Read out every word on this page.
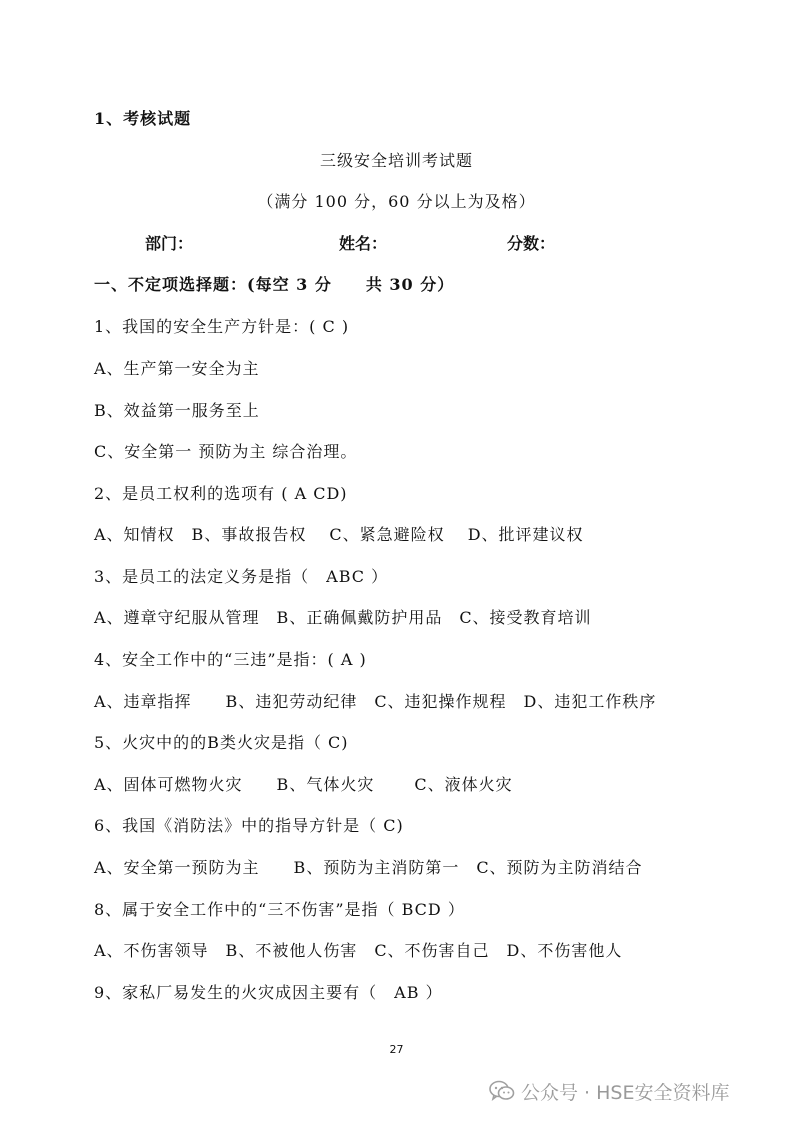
1、考核试题
三级安全培训考试题
（满分 100 分，60 分以上为及格）
部门：	姓名：	分数：
一、不定项选择题：(每空 3 分　　共 30 分）
1、我国的安全生产方针是：( C )
A、生产第一安全为主
B、效益第一服务至上
C、安全第一 预防为主 综合治理。
2、是员工权利的选项有 ( A CD)
A、知情权　B、事故报告权　 C、紧急避险权　 D、批评建议权
3、是员工的法定义务是指（　ABC ）
A、遵章守纪服从管理　B、正确佩戴防护用品　C、接受教育培训
4、安全工作中的“三违”是指：( A )
A、违章指挥　　B、违犯劳动纪律　C、违犯操作规程　D、违犯工作秩序
5、火灾中的的B类火灾是指（ C)
A、固体可燃物火灾　　B、气体火灾　　 C、液体火灾
6、我国《消防法》中的指导方针是（ C)
A、安全第一预防为主　　B、预防为主消防第一　C、预防为主防消结合
8、属于安全工作中的“三不伤害”是指（ BCD ）
A、不伤害领导　B、不被他人伤害　C、不伤害自己　D、不伤害他人
9、家私厂易发生的火灾成因主要有（　AB ）
27
公众号 · HSE安全资料库
